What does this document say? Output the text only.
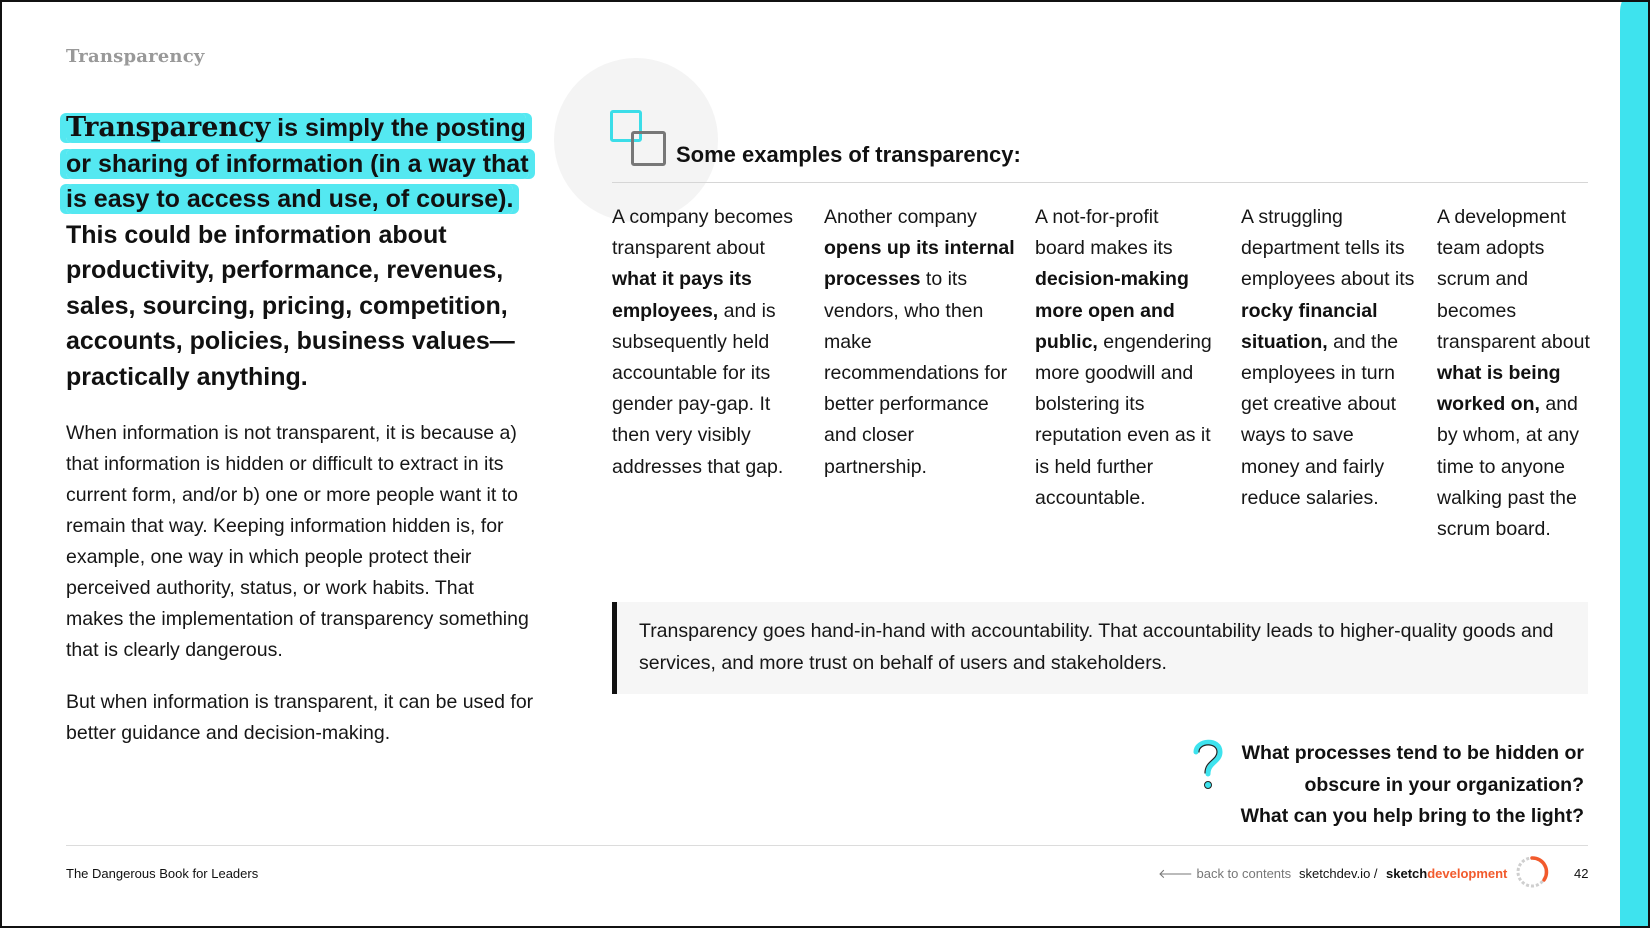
Transparency
Transparency is simply the posting or sharing of information (in a way that is easy to access and use, of course). This could be information about productivity, performance, revenues, sales, sourcing, pricing, competition, accounts, policies, business values—practically anything.
When information is not transparent, it is because a) that information is hidden or difficult to extract in its current form, and/or b) one or more people want it to remain that way. Keeping information hidden is, for example, one way in which people protect their perceived authority, status, or work habits. That makes the implementation of transparency something that is clearly dangerous.
But when information is transparent, it can be used for better guidance and decision-making.
Some examples of transparency:
A company becomes transparent about what it pays its employees, and is subsequently held accountable for its gender pay-gap. It then very visibly addresses that gap.
Another company opens up its internal processes to its vendors, who then make recommendations for better performance and closer partnership.
A not-for-profit board makes its decision-making more open and public, engendering more goodwill and bolstering its reputation even as it is held further accountable.
A struggling department tells its employees about its rocky financial situation, and the employees in turn get creative about ways to save money and fairly reduce salaries.
A development team adopts scrum and becomes transparent about what is being worked on, and by whom, at any time to anyone walking past the scrum board.
Transparency goes hand-in-hand with accountability. That accountability leads to higher-quality goods and services, and more trust on behalf of users and stakeholders.
What processes tend to be hidden or
obscure in your organization?
What can you help bring to the light?
The Dangerous Book for Leaders	🡐 back to contents sketchdev.io / sketchdevelopment	42
